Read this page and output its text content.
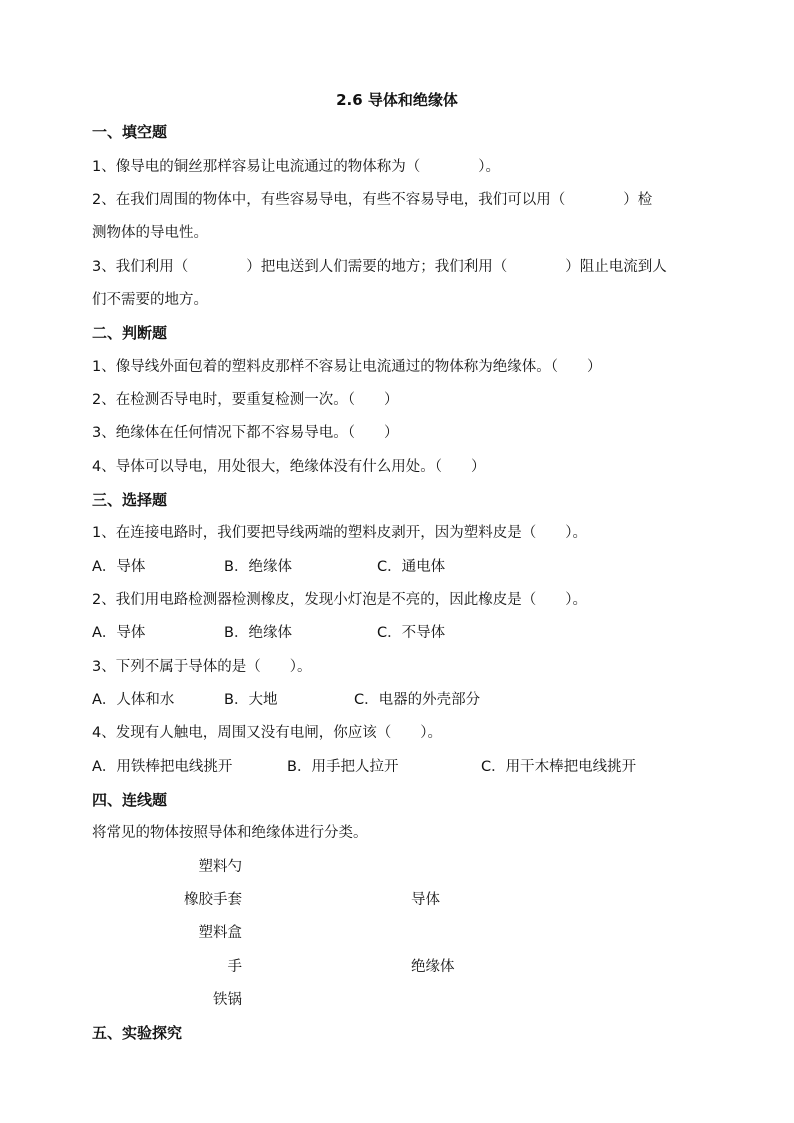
2.6 导体和绝缘体
一、填空题
1、像导电的铜丝那样容易让电流通过的物体称为（　　　　）。
2、在我们周围的物体中，有些容易导电，有些不容易导电，我们可以用（　　　　）检
测物体的导电性。
3、我们利用（　　　　）把电送到人们需要的地方；我们利用（　　　　）阻止电流到人
们不需要的地方。
二、判断题
1、像导线外面包着的塑料皮那样不容易让电流通过的物体称为绝缘体。（　　）
2、在检测否导电时，要重复检测一次。（　　）
3、绝缘体在任何情况下都不容易导电。（　　）
4、导体可以导电，用处很大，绝缘体没有什么用处。（　　）
三、选择题
1、在连接电路时，我们要把导线两端的塑料皮剥开，因为塑料皮是（　　）。
A．导体	B．绝缘体	C．通电体
2、我们用电路检测器检测橡皮，发现小灯泡是不亮的，因此橡皮是（　　）。
A．导体	B．绝缘体	C．不导体
3、下列不属于导体的是（　　）。
A．人体和水	B．大地	C．电器的外壳部分
4、发现有人触电，周围又没有电闸，你应该（　　）。
A．用铁棒把电线挑开	B．用手把人拉开	C．用干木棒把电线挑开
四、连线题
将常见的物体按照导体和绝缘体进行分类。
塑料勺
橡胶手套
塑料盒
手
铁锅
导体
绝缘体
五、实验探究
